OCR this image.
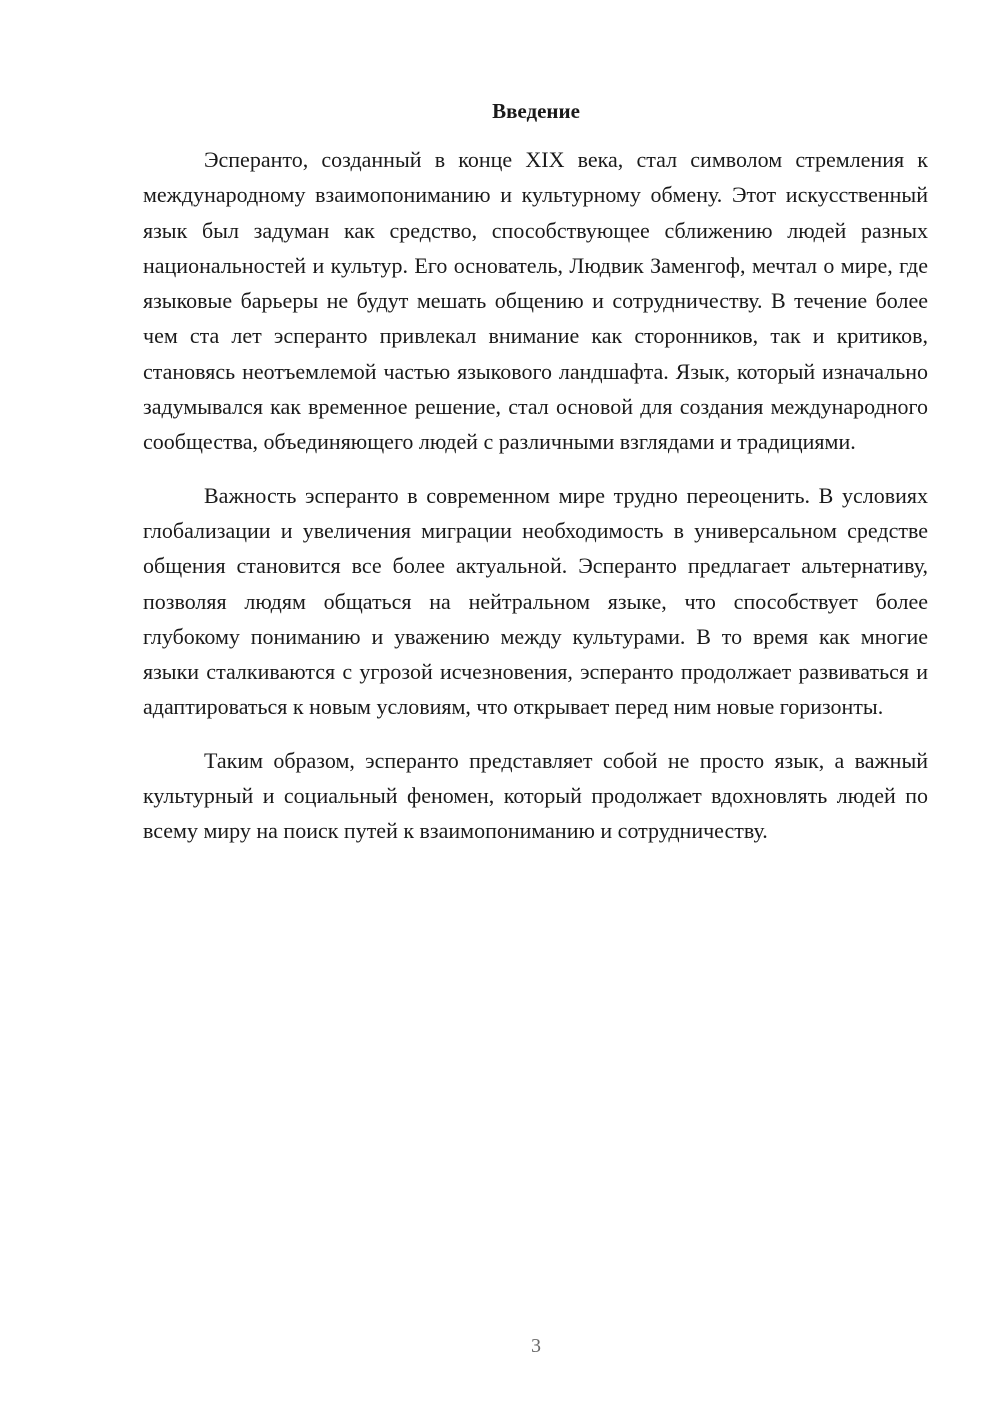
Введение

Эсперанто, созданный в конце XIX века, стал символом стремления к международному взаимопониманию и культурному обмену. Этот искусственный язык был задуман как средство, способствующее сближению людей разных национальностей и культур. Его основатель, Людвик Заменгоф, мечтал о мире, где языковые барьеры не будут мешать общению и сотрудничеству. В течение более чем ста лет эсперанто привлекал внимание как сторонников, так и критиков, становясь неотъемлемой частью языкового ландшафта. Язык, который изначально задумывался как временное решение, стал основой для создания международного сообщества, объединяющего людей с различными взглядами и традициями.

Важность эсперанто в современном мире трудно переоценить. В условиях глобализации и увеличения миграции необходимость в универсальном средстве общения становится все более актуальной. Эсперанто предлагает альтернативу, позволяя людям общаться на нейтральном языке, что способствует более глубокому пониманию и уважению между культурами. В то время как многие языки сталкиваются с угрозой исчезновения, эсперанто продолжает развиваться и адаптироваться к новым условиям, что открывает перед ним новые горизонты.

Таким образом, эсперанто представляет собой не просто язык, а важный культурный и социальный феномен, который продолжает вдохновлять людей по всему миру на поиск путей к взаимопониманию и сотрудничеству.

3
